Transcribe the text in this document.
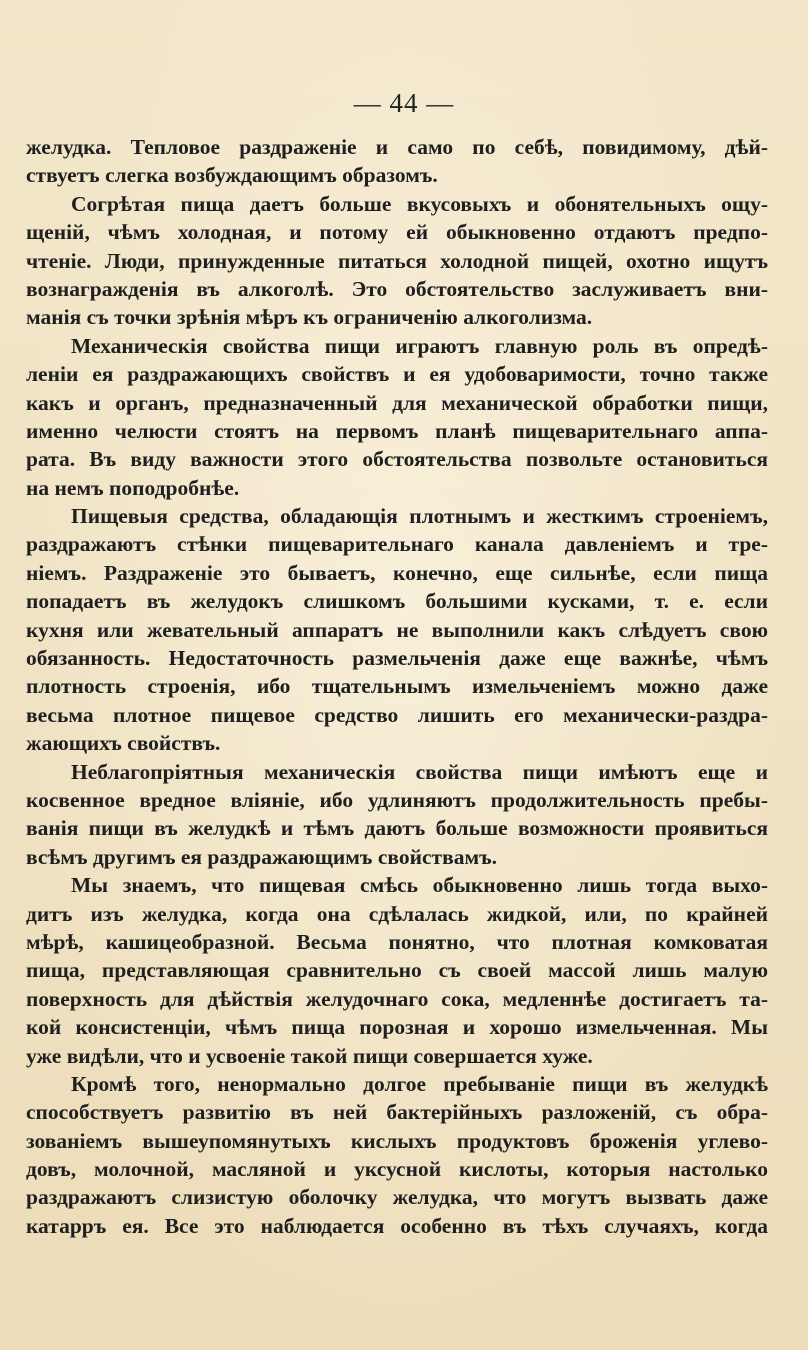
— 44 —
желудка. Тепловое раздраженіе и само по себѣ, повидимому, дѣй-
ствуетъ слегка возбуждающимъ образомъ.
Согрѣтая пища даетъ больше вкусовыхъ и обонятельныхъ ощу-
щеній, чѣмъ холодная, и потому ей обыкновенно отдаютъ предпо-
чтеніе. Люди, принужденные питаться холодной пищей, охотно ищутъ
вознагражденія въ алкоголѣ. Это обстоятельство заслуживаетъ вни-
манія съ точки зрѣнія мѣръ къ ограниченію алкоголизма.
Механическія свойства пищи играютъ главную роль въ опредѣ-
леніи ея раздражающихъ свойствъ и ея удобоваримости, точно также
какъ и органъ, предназначенный для механической обработки пищи,
именно челюсти стоятъ на первомъ планѣ пищеварительнаго аппа-
рата. Въ виду важности этого обстоятельства позвольте остановиться
на немъ поподробнѣе.
Пищевыя средства, обладающія плотнымъ и жесткимъ строеніемъ,
раздражаютъ стѣнки пищеварительнаго канала давленіемъ и тре-
ніемъ. Раздраженіе это бываетъ, конечно, еще сильнѣе, если пища
попадаетъ въ желудокъ слишкомъ большими кусками, т. е. если
кухня или жевательный аппаратъ не выполнили какъ слѣдуетъ свою
обязанность. Недостаточность размельченія даже еще важнѣе, чѣмъ
плотность строенія, ибо тщательнымъ измельченіемъ можно даже
весьма плотное пищевое средство лишить его механически-раздра-
жающихъ свойствъ.
Неблагопріятныя механическія свойства пищи имѣютъ еще и
косвенное вредное вліяніе, ибо удлиняютъ продолжительность пребы-
ванія пищи въ желудкѣ и тѣмъ даютъ больше возможности проявиться
всѣмъ другимъ ея раздражающимъ свойствамъ.
Мы знаемъ, что пищевая смѣсь обыкновенно лишь тогда выхо-
дитъ изъ желудка, когда она сдѣлалась жидкой, или, по крайней
мѣрѣ, кашицеобразной. Весьма понятно, что плотная комковатая
пища, представляющая сравнительно съ своей массой лишь малую
поверхность для дѣйствія желудочнаго сока, медленнѣе достигаетъ та-
кой консистенціи, чѣмъ пища порозная и хорошо измельченная. Мы
уже видѣли, что и усвоеніе такой пищи совершается хуже.
Кромѣ того, ненормально долгое пребываніе пищи въ желудкѣ
способствуетъ развитію въ ней бактерійныхъ разложеній, съ обра-
зованіемъ вышеупомянутыхъ кислыхъ продуктовъ броженія углево-
довъ, молочной, масляной и уксусной кислоты, которыя настолько
раздражаютъ слизистую оболочку желудка, что могутъ вызвать даже
катарръ ея. Все это наблюдается особенно въ тѣхъ случаяхъ, когда
